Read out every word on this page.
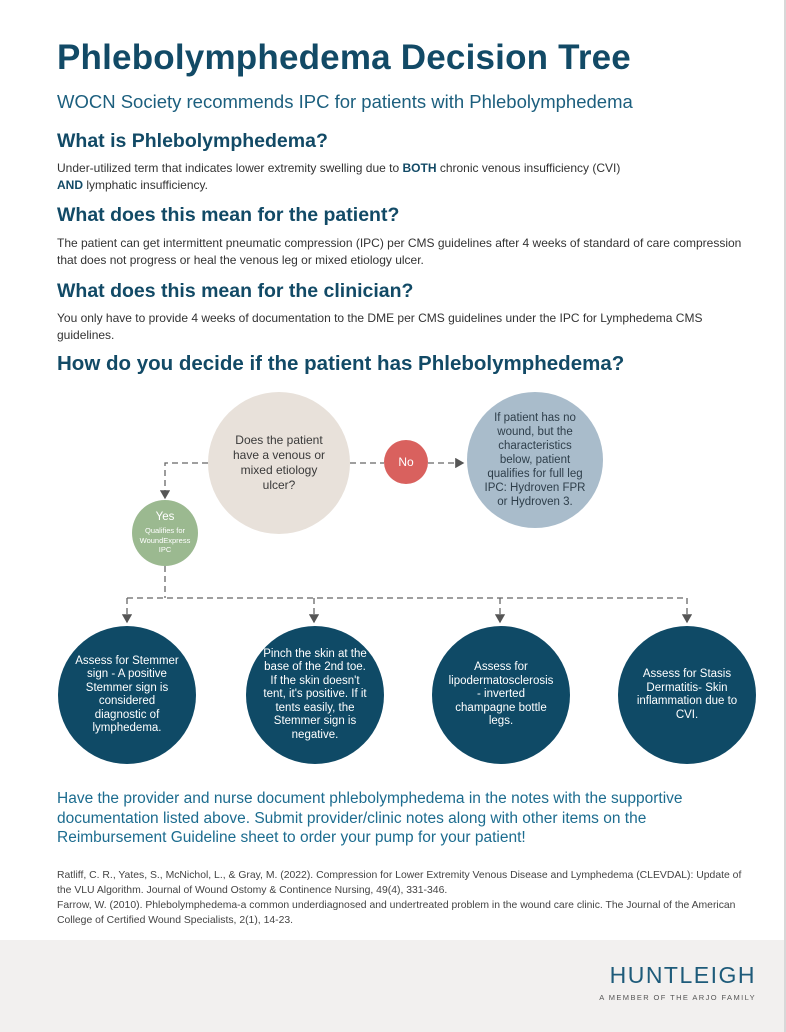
Phlebolymphedema Decision Tree
WOCN Society recommends IPC for patients with Phlebolymphedema
What is Phlebolymphedema?
Under-utilized term that indicates lower extremity swelling due to BOTH chronic venous insufficiency (CVI)
AND lymphatic insufficiency.
What does this mean for the patient?
The patient can get intermittent pneumatic compression (IPC) per CMS guidelines after 4 weeks of standard of care compression that does not progress or heal the venous leg or mixed etiology ulcer.
What does this mean for the clinician?
You only have to provide 4 weeks of documentation to the DME per CMS guidelines under the IPC for Lymphedema CMS guidelines.
How do you decide if the patient has Phlebolymphedema?
Does the patient have a venous or mixed etiology ulcer?
No
If patient has no wound, but the characteristics below, patient qualifies for full leg IPC: Hydroven FPR or Hydroven 3.
Yes
Qualifies for WoundExpress IPC
Assess for Stemmer sign - A positive Stemmer sign is considered diagnostic of lymphedema.
Pinch the skin at the base of the 2nd toe. If the skin doesn't tent, it's positive. If it tents easily, the Stemmer sign is negative.
Assess for lipodermatosclerosis - inverted champagne bottle legs.
Assess for Stasis Dermatitis- Skin inflammation due to CVI.
Have the provider and nurse document phlebolymphedema in the notes with the supportive documentation listed above. Submit provider/clinic notes along with other items on the Reimbursement Guideline sheet to order your pump for your patient!
Ratliff, C. R., Yates, S., McNichol, L., & Gray, M. (2022). Compression for Lower Extremity Venous Disease and Lymphedema (CLEVDAL): Update of the VLU Algorithm. Journal of Wound Ostomy & Continence Nursing, 49(4), 331-346.
Farrow, W. (2010). Phlebolymphedema-a common underdiagnosed and undertreated problem in the wound care clinic. The Journal of the American College of Certified Wound Specialists, 2(1), 14-23.
HUNTLEIGH
A MEMBER OF THE ARJO FAMILY
